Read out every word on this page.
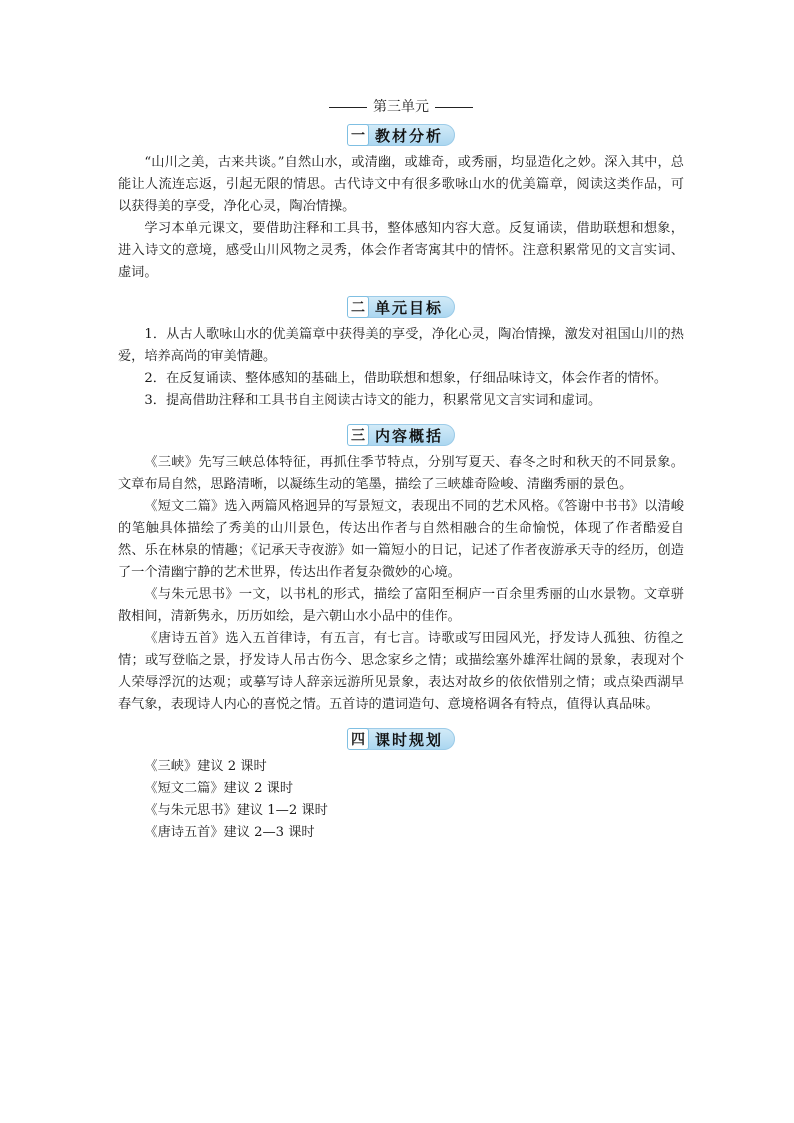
第三单元
一 教材分析

“山川之美，古来共谈。”自然山水，或清幽，或雄奇，或秀丽，均显造化之妙。深入其中，总能让人流连忘返，引起无限的情思。古代诗文中有很多歌咏山水的优美篇章，阅读这类作品，可以获得美的享受，净化心灵，陶冶情操。

学习本单元课文，要借助注释和工具书，整体感知内容大意。反复诵读，借助联想和想象，进入诗文的意境，感受山川风物之灵秀，体会作者寄寓其中的情怀。注意积累常见的文言实词、虚词。

二 单元目标

1．从古人歌咏山水的优美篇章中获得美的享受，净化心灵，陶冶情操，激发对祖国山川的热爱，培养高尚的审美情趣。

2．在反复诵读、整体感知的基础上，借助联想和想象，仔细品味诗文，体会作者的情怀。

3．提高借助注释和工具书自主阅读古诗文的能力，积累常见文言实词和虚词。

三 内容概括

《三峡》先写三峡总体特征，再抓住季节特点，分别写夏天、春冬之时和秋天的不同景象。文章布局自然，思路清晰，以凝练生动的笔墨，描绘了三峡雄奇险峻、清幽秀丽的景色。

《短文二篇》选入两篇风格迥异的写景短文，表现出不同的艺术风格。《答谢中书书》以清峻的笔触具体描绘了秀美的山川景色，传达出作者与自然相融合的生命愉悦，体现了作者酷爱自然、乐在林泉的情趣；《记承天寺夜游》如一篇短小的日记，记述了作者夜游承天寺的经历，创造了一个清幽宁静的艺术世界，传达出作者复杂微妙的心境。

《与朱元思书》一文，以书札的形式，描绘了富阳至桐庐一百余里秀丽的山水景物。文章骈散相间，清新隽永，历历如绘，是六朝山水小品中的佳作。

《唐诗五首》选入五首律诗，有五言，有七言。诗歌或写田园风光，抒发诗人孤独、彷徨之情；或写登临之景，抒发诗人吊古伤今、思念家乡之情；或描绘塞外雄浑壮阔的景象，表现对个人荣辱浮沉的达观；或摹写诗人辞亲远游所见景象，表达对故乡的依依惜别之情；或点染西湖早春气象，表现诗人内心的喜悦之情。五首诗的遣词造句、意境格调各有特点，值得认真品味。

四 课时规划

《三峡》建议 2 课时

《短文二篇》建议 2 课时

《与朱元思书》建议 1—2 课时

《唐诗五首》建议 2—3 课时
